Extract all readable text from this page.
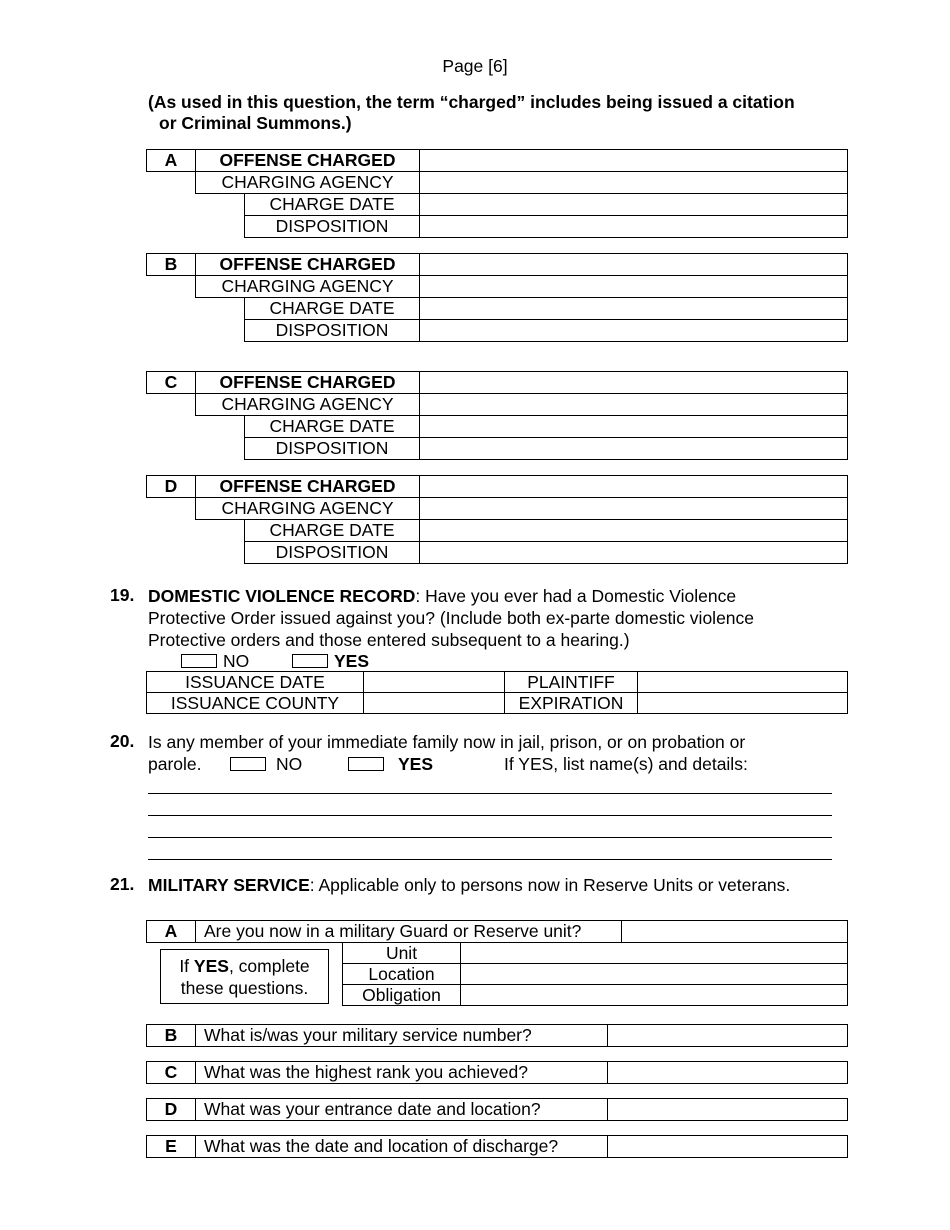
Page [6]
(As used in this question, the term “charged” includes being issued a citation
or Criminal Summons.)
A	OFFENSE CHARGED
CHARGING AGENCY
CHARGE DATE
DISPOSITION
B	OFFENSE CHARGED
CHARGING AGENCY
CHARGE DATE
DISPOSITION
C	OFFENSE CHARGED
CHARGING AGENCY
CHARGE DATE
DISPOSITION
D	OFFENSE CHARGED
CHARGING AGENCY
CHARGE DATE
DISPOSITION
19. DOMESTIC VIOLENCE RECORD: Have you ever had a Domestic Violence
Protective Order issued against you? (Include both ex-parte domestic violence
Protective orders and those entered subsequent to a hearing.)
NO	YES
ISSUANCE DATE		PLAINTIFF	
ISSUANCE COUNTY		EXPIRATION	
20. Is any member of your immediate family now in jail, prison, or on probation or
parole.	NO	YES	If YES, list name(s) and details:
21. MILITARY SERVICE: Applicable only to persons now in Reserve Units or veterans.
A	Are you now in a military Guard or Reserve unit?
If YES, complete
these questions.
Unit	
Location	
Obligation	
B	What is/was your military service number?
C	What was the highest rank you achieved?
D	What was your entrance date and location?
E	What was the date and location of discharge?
